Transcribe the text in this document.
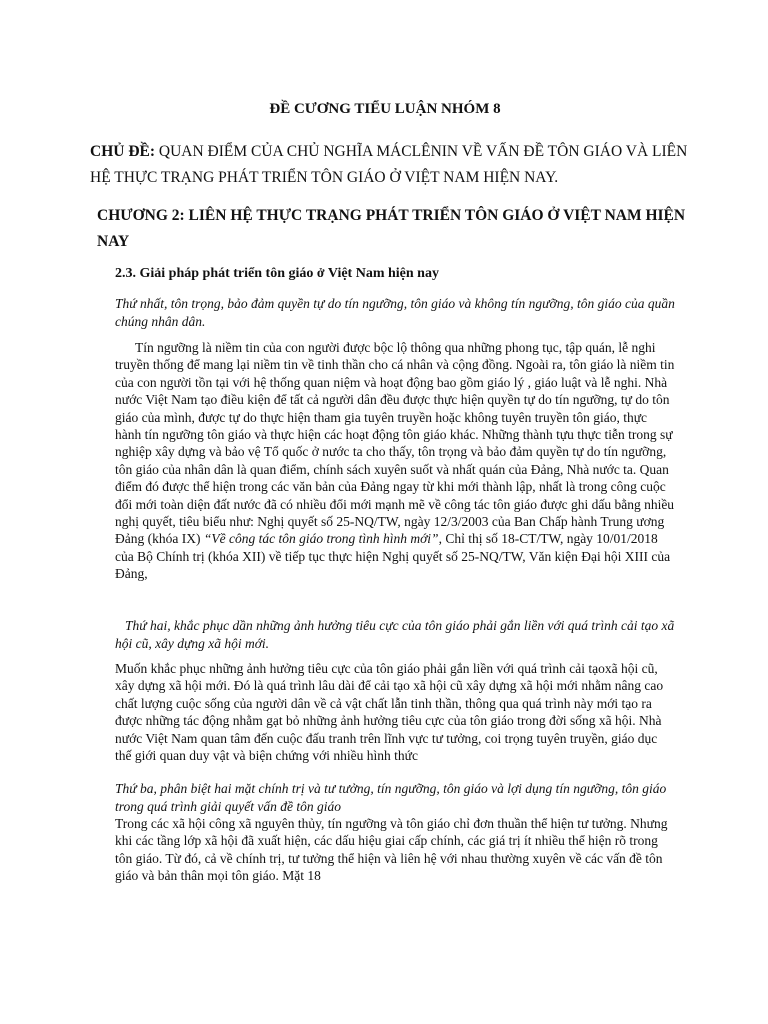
ĐỀ CƯƠNG TIỂU LUẬN NHÓM 8

CHỦ ĐỀ: QUAN ĐIỂM CỦA CHỦ NGHĨA MÁCLÊNIN VỀ VẤN ĐỀ TÔN GIÁO VÀ LIÊN HỆ THỰC TRẠNG PHÁT TRIỂN TÔN GIÁO Ở VIỆT NAM HIỆN NAY.

CHƯƠNG 2: LIÊN HỆ THỰC TRẠNG PHÁT TRIỂN TÔN GIÁO Ở VIỆT NAM HIỆN NAY

2.3. Giải pháp phát triển tôn giáo ở Việt Nam hiện nay

Thứ nhất, tôn trọng, bảo đảm quyền tự do tín ngưỡng, tôn giáo và không tín ngưỡng, tôn giáo của quần chúng nhân dân.

Tín ngưỡng là niềm tin của con người được bộc lộ thông qua những phong tục, tập quán, lễ nghi truyền thống để mang lại niềm tin về tinh thần cho cá nhân và cộng đồng. Ngoài ra, tôn giáo là niềm tin của con người tồn tại với hệ thống quan niệm và hoạt động bao gồm giáo lý , giáo luật và lễ nghi. Nhà nước Việt Nam tạo điều kiện để tất cả người dân đều được thực hiện quyền tự do tín ngưỡng, tự do tôn giáo của mình, được tự do thực hiện tham gia tuyên truyền hoặc không tuyên truyền tôn giáo, thực hành tín ngưỡng tôn giáo và thực hiện các hoạt động tôn giáo khác. Những thành tựu thực tiễn trong sự nghiệp xây dựng và bảo vệ Tổ quốc ở nước ta cho thấy, tôn trọng và bảo đảm quyền tự do tín ngưỡng, tôn giáo của nhân dân là quan điểm, chính sách xuyên suốt và nhất quán của Đảng, Nhà nước ta. Quan điểm đó được thể hiện trong các văn bản của Đảng ngay từ khi mới thành lập, nhất là trong công cuộc đổi mới toàn diện đất nước đã có nhiều đổi mới mạnh mẽ về công tác tôn giáo được ghi dấu bằng nhiều nghị quyết, tiêu biểu như: Nghị quyết số 25-NQ/TW, ngày 12/3/2003 của Ban Chấp hành Trung ương Đảng (khóa IX) “Về công tác tôn giáo trong tình hình mới”, Chỉ thị số 18-CT/TW, ngày 10/01/2018 của Bộ Chính trị (khóa XII) về tiếp tục thực hiện Nghị quyết số 25-NQ/TW, Văn kiện Đại hội XIII của Đảng,

Thứ hai, khắc phục dần những ảnh hưởng tiêu cực của tôn giáo phải gắn liền với quá trình cải tạo xã hội cũ, xây dựng xã hội mới.

Muốn khắc phục những ảnh hưởng tiêu cực của tôn giáo phải gắn liền với quá trình cải tạoxã hội cũ, xây dựng xã hội mới. Đó là quá trình lâu dài để cải tạo xã hội cũ xây dựng xã hội mới nhằm nâng cao chất lượng cuộc sống của người dân về cả vật chất lẫn tinh thần, thông qua quá trình này mới tạo ra được những tác động nhằm gạt bỏ những ảnh hưởng tiêu cực của tôn giáo trong đời sống xã hội. Nhà nước Việt Nam quan tâm đến cuộc đấu tranh trên lĩnh vực tư tưởng, coi trọng tuyên truyền, giáo dục thế giới quan duy vật và biện chứng với nhiều hình thức

Thứ ba, phân biệt hai mặt chính trị và tư tưởng, tín ngưỡng, tôn giáo và lợi dụng tín ngưỡng, tôn giáo trong quá trình giải quyết vấn đề tôn giáo

Trong các xã hội công xã nguyên thủy, tín ngưỡng và tôn giáo chỉ đơn thuần thể hiện tư tưởng. Nhưng khi các tầng lớp xã hội đã xuất hiện, các dấu hiệu giai cấp chính, các giá trị ít nhiều thể hiện rõ trong tôn giáo. Từ đó, cả về chính trị, tư tưởng thể hiện và liên hệ với nhau thường xuyên về các vấn đề tôn giáo và bản thân mọi tôn giáo. Mặt 18
